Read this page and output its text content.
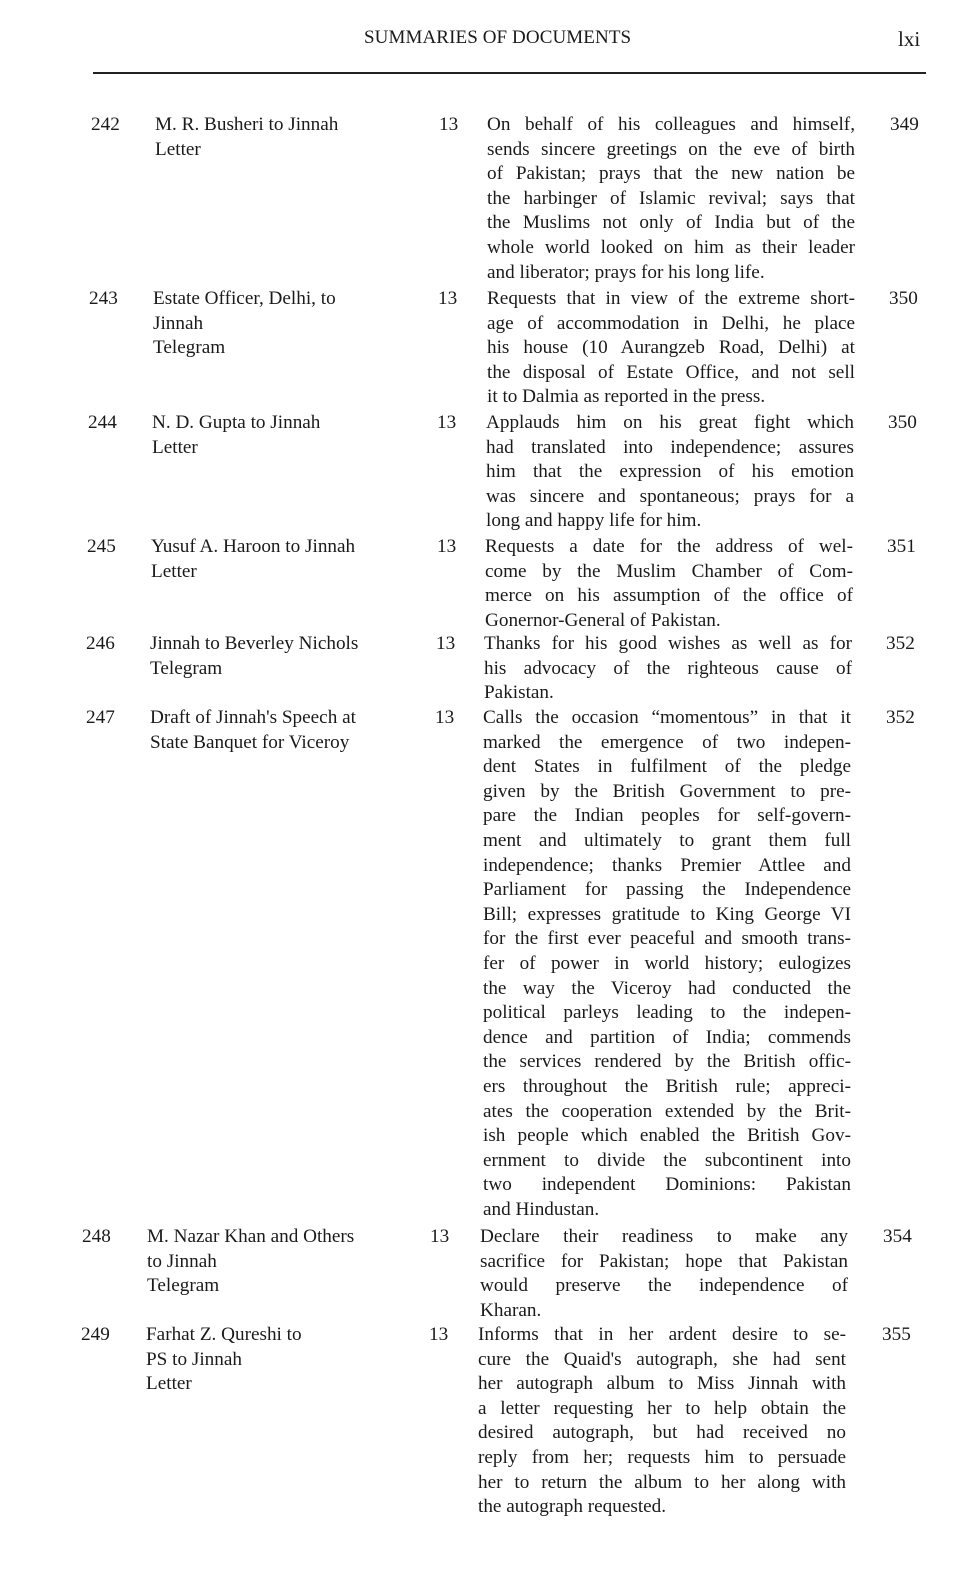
SUMMARIES OF DOCUMENTS	lxi
242 M. R. Busheri to Jinnah
Letter
13 On behalf of his colleagues and himself,
sends sincere greetings on the eve of birth
of Pakistan; prays that the new nation be
the harbinger of Islamic revival; says that
the Muslims not only of India but of the
whole world looked on him as their leader
and liberator; prays for his long life.
349
243 Estate Officer, Delhi, to
Jinnah
Telegram
13 Requests that in view of the extreme short-
age of accommodation in Delhi, he place
his house (10 Aurangzeb Road, Delhi) at
the disposal of Estate Office, and not sell
it to Dalmia as reported in the press.
350
244 N. D. Gupta to Jinnah
Letter
13 Applauds him on his great fight which
had translated into independence; assures
him that the expression of his emotion
was sincere and spontaneous; prays for a
long and happy life for him.
350
245 Yusuf A. Haroon to Jinnah
Letter
13 Requests a date for the address of wel-
come by the Muslim Chamber of Com-
merce on his assumption of the office of
Gonernor-General of Pakistan.
351
246 Jinnah to Beverley Nichols
Telegram
13 Thanks for his good wishes as well as for
his advocacy of the righteous cause of
Pakistan.
352
247 Draft of Jinnah's Speech at
State Banquet for Viceroy
13 Calls the occasion “momentous” in that it
marked the emergence of two indepen-
dent States in fulfilment of the pledge
given by the British Government to pre-
pare the Indian peoples for self-govern-
ment and ultimately to grant them full
independence; thanks Premier Attlee and
Parliament for passing the Independence
Bill; expresses gratitude to King George VI
for the first ever peaceful and smooth trans-
fer of power in world history; eulogizes
the way the Viceroy had conducted the
political parleys leading to the indepen-
dence and partition of India; commends
the services rendered by the British offic-
ers throughout the British rule; appreci-
ates the cooperation extended by the Brit-
ish people which enabled the British Gov-
ernment to divide the subcontinent into
two independent Dominions: Pakistan
and Hindustan.
352
248 M. Nazar Khan and Others
to Jinnah
Telegram
13 Declare their readiness to make any
sacrifice for Pakistan; hope that Pakistan
would preserve the independence of
Kharan.
354
249 Farhat Z. Qureshi to
PS to Jinnah
Letter
13 Informs that in her ardent desire to se-
cure the Quaid's autograph, she had sent
her autograph album to Miss Jinnah with
a letter requesting her to help obtain the
desired autograph, but had received no
reply from her; requests him to persuade
her to return the album to her along with
the autograph requested.
355
